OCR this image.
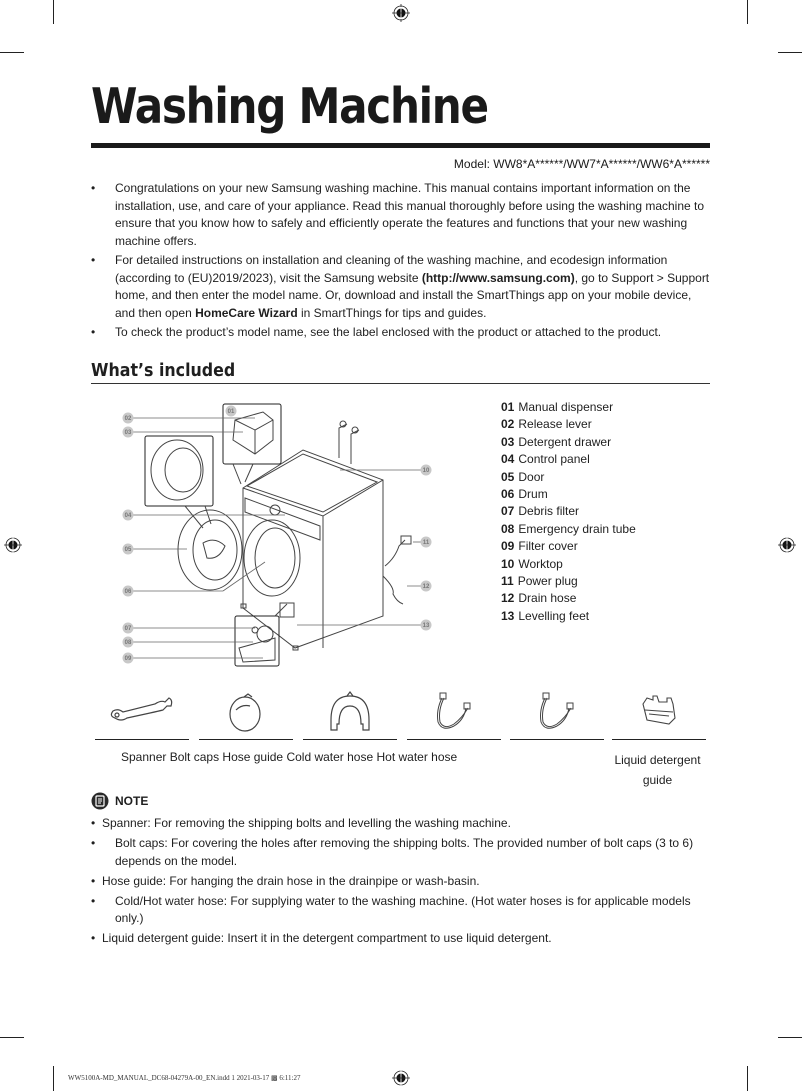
Washing Machine
Model: WW8*A******/WW7*A******/WW6*A******
• Congratulations on your new Samsung washing machine. This manual contains important information on the installation, use, and care of your appliance. Read this manual thoroughly before using the washing machine to ensure that you know how to safely and efficiently operate the features and functions that your new washing machine offers.
• For detailed instructions on installation and cleaning of the washing machine, and ecodesign information (according to (EU)2019/2023), visit the Samsung website (http://www.samsung.com), go to Support > Support home, and then enter the model name. Or, download and install the SmartThings app on your mobile device, and then open HomeCare Wizard in SmartThings for tips and guides.
• To check the product’s model name, see the label enclosed with the product or attached to the product.
What’s included
01
02
03
04
05
06
07
08
09
10
11
12
13
01 Manual dispenser
02 Release lever
03 Detergent drawer
04 Control panel
05 Door
06 Drum
07 Debris filter
08 Emergency drain tube
09 Filter cover
10 Worktop
11 Power plug
12 Drain hose
13 Levelling feet
Spanner Bolt caps Hose guide Cold water hose Hot water hose	Liquid detergent
guide
NOTE
• Spanner: For removing the shipping bolts and levelling the washing machine.
• Bolt caps: For covering the holes after removing the shipping bolts. The provided number of bolt caps (3 to 6) depends on the model.
• Hose guide: For hanging the drain hose in the drainpipe or wash-basin.
• Cold/Hot water hose: For supplying water to the washing machine. (Hot water hoses is for applicable models only.)
• Liquid detergent guide: Insert it in the detergent compartment to use liquid detergent.
WW5100A-MD_MANUAL_DC68-04279A-00_EN.indd 1 2021-03-17 ▩ 6:11:27
